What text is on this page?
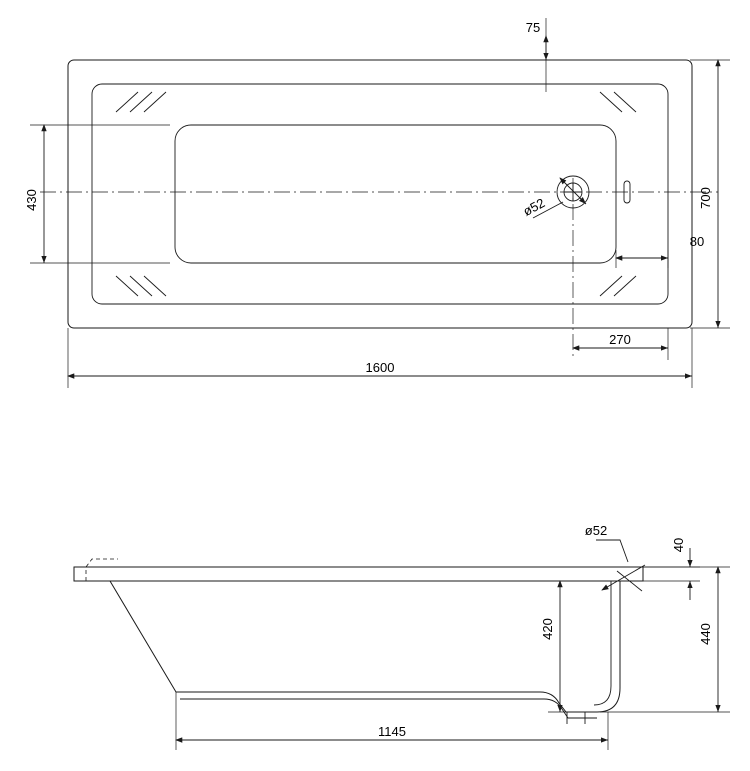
75
430	700
80
270
1600
ø52
ø52
40
420	440
1145
